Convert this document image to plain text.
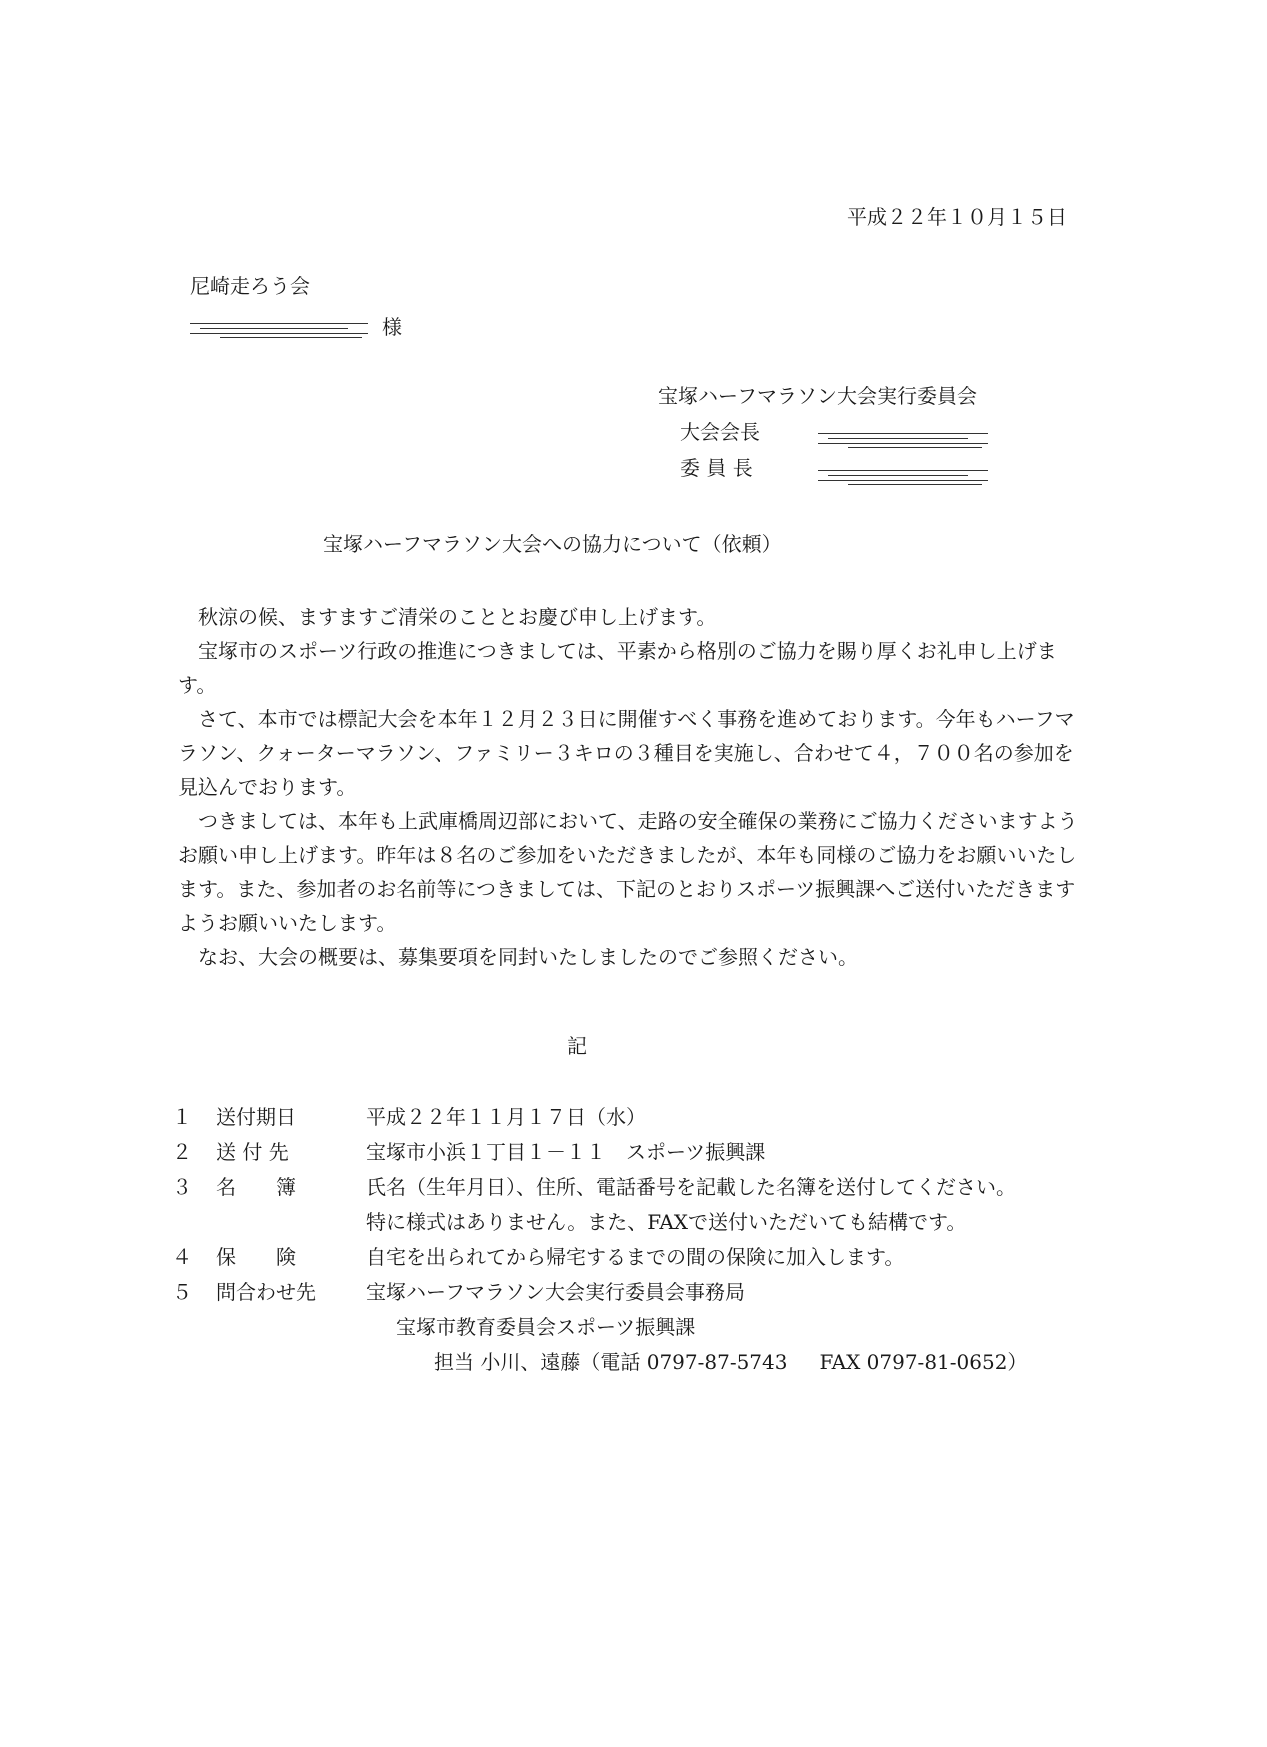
平成２２年１０月１５日
尼崎走ろう会
様
宝塚ハーフマラソン大会実行委員会
大会会長
委 員 長
宝塚ハーフマラソン大会への協力について（依頼）

秋涼の候、ますますご清栄のこととお慶び申し上げます。

宝塚市のスポーツ行政の推進につきましては、平素から格別のご協力を賜り厚くお礼申し上げます。

さて、本市では標記大会を本年１２月２３日に開催すべく事務を進めております。今年もハーフマラソン、クォーターマラソン、ファミリー３キロの３種目を実施し、合わせて４，７００名の参加を見込んでおります。

つきましては、本年も上武庫橋周辺部において、走路の安全確保の業務にご協力くださいますようお願い申し上げます。昨年は８名のご参加をいただきましたが、本年も同様のご協力をお願いいたします。また、参加者のお名前等につきましては、下記のとおりスポーツ振興課へご送付いただきますようお願いいたします。

なお、大会の概要は、募集要項を同封いたしましたのでご参照ください。

記
１	送付期日	平成２２年１１月１７日（水）
２	送 付 先	宝塚市小浜１丁目１－１１　スポーツ振興課
３	名　　簿	氏名（生年月日）、住所、電話番号を記載した名簿を送付してください。
特に様式はありません。また、FAXで送付いただいても結構です。
４	保　　険	自宅を出られてから帰宅するまでの間の保険に加入します。
５	問合わせ先	宝塚ハーフマラソン大会実行委員会事務局
宝塚市教育委員会スポーツ振興課
担当 小川、遠藤（電話 0797-87-5743 FAX 0797-81-0652）
